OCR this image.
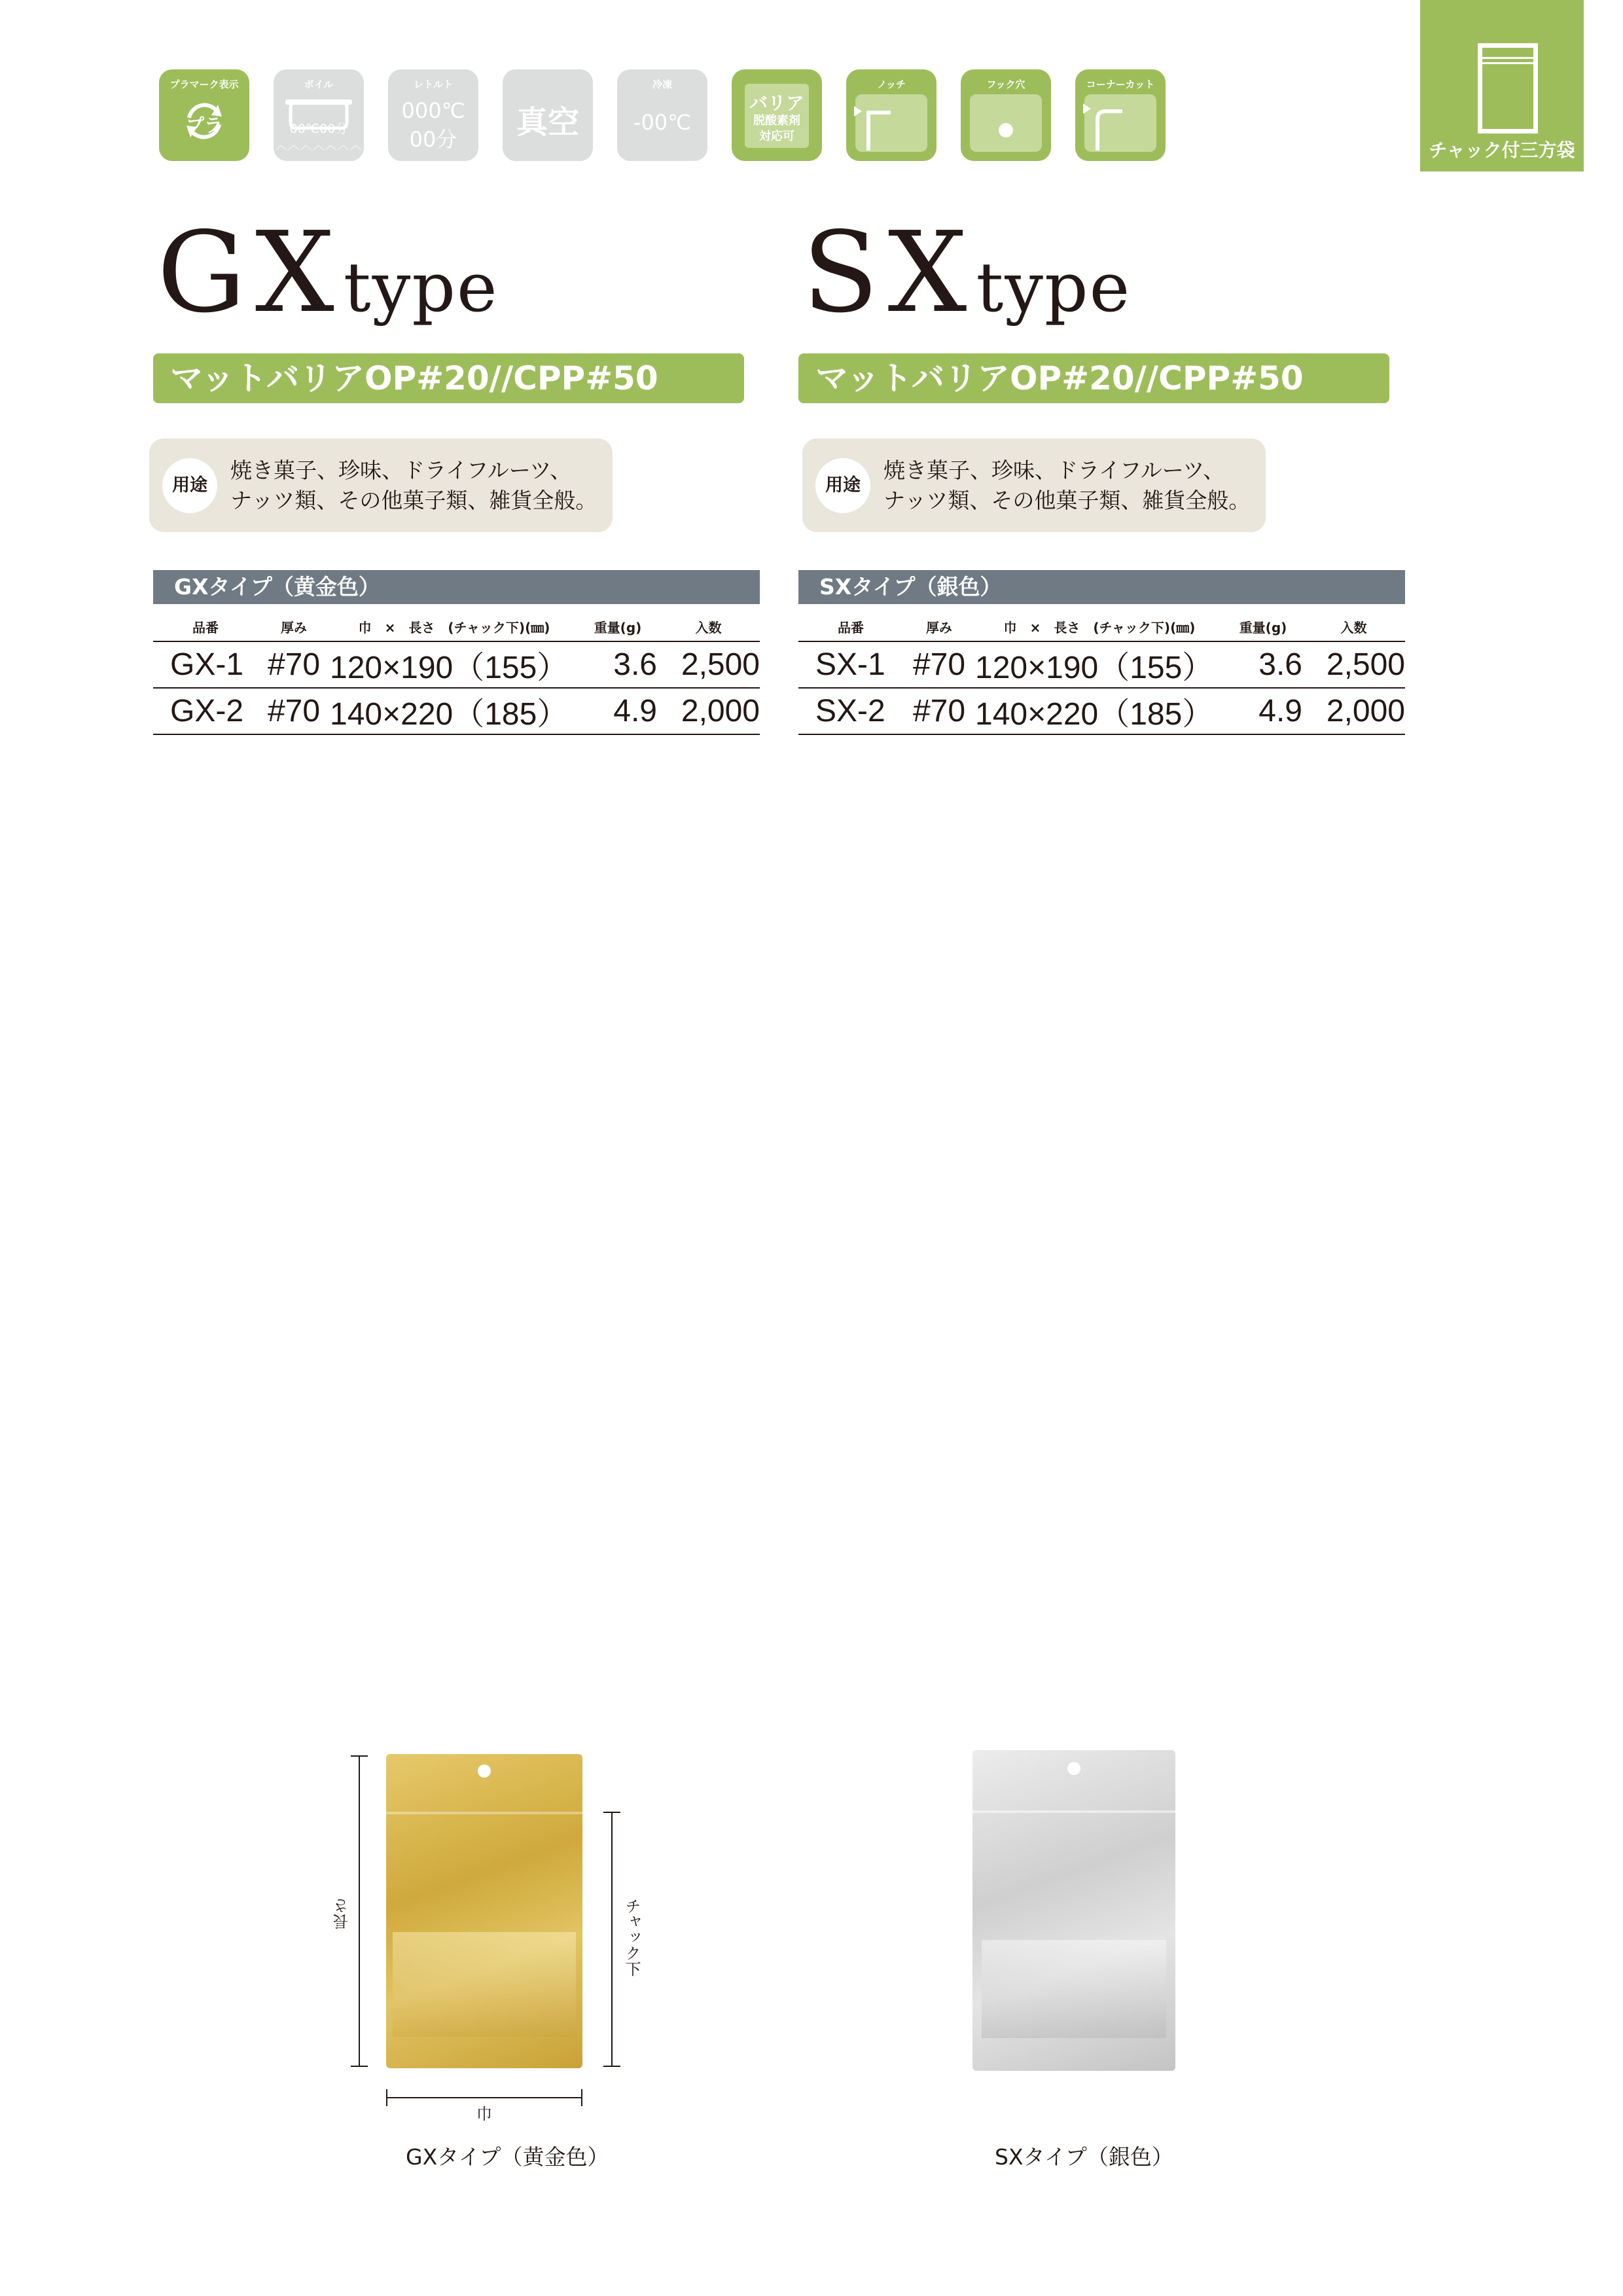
チャック付三方袋
プラマーク表示
プラ
ボイル
00℃00分
︿︿︿︿︿︿︿
レトルト
000℃
00分	真空
冷凍
-00℃
バリア
脱酸素剤
対応可
ノッチ	フック穴	コーナーカット
GXtype
マットバリアOP#20//CPP#50
用途
焼き菓子、珍味、ドライフルーツ、
ナッツ類、その他菓子類、雑貨全般。
GXタイプ（黄金色）
品番	厚み	巾　×　長さ　(チャック下)(㎜)	重量(g)	入数
GX-1	#70	120×190（155）	3.6	2,500
GX-2	#70	140×220（185）	4.9	2,000
SXtype
マットバリアOP#20//CPP#50
用途
焼き菓子、珍味、ドライフルーツ、
ナッツ類、その他菓子類、雑貨全般。
SXタイプ（銀色）
品番	厚み	巾　×　長さ　(チャック下)(㎜)	重量(g)	入数
SX-1	#70	120×190（155）	3.6	2,500
SX-2	#70	140×220（185）	4.9	2,000
長さ	チャック下
巾
GXタイプ（黄金色）	SXタイプ（銀色）
